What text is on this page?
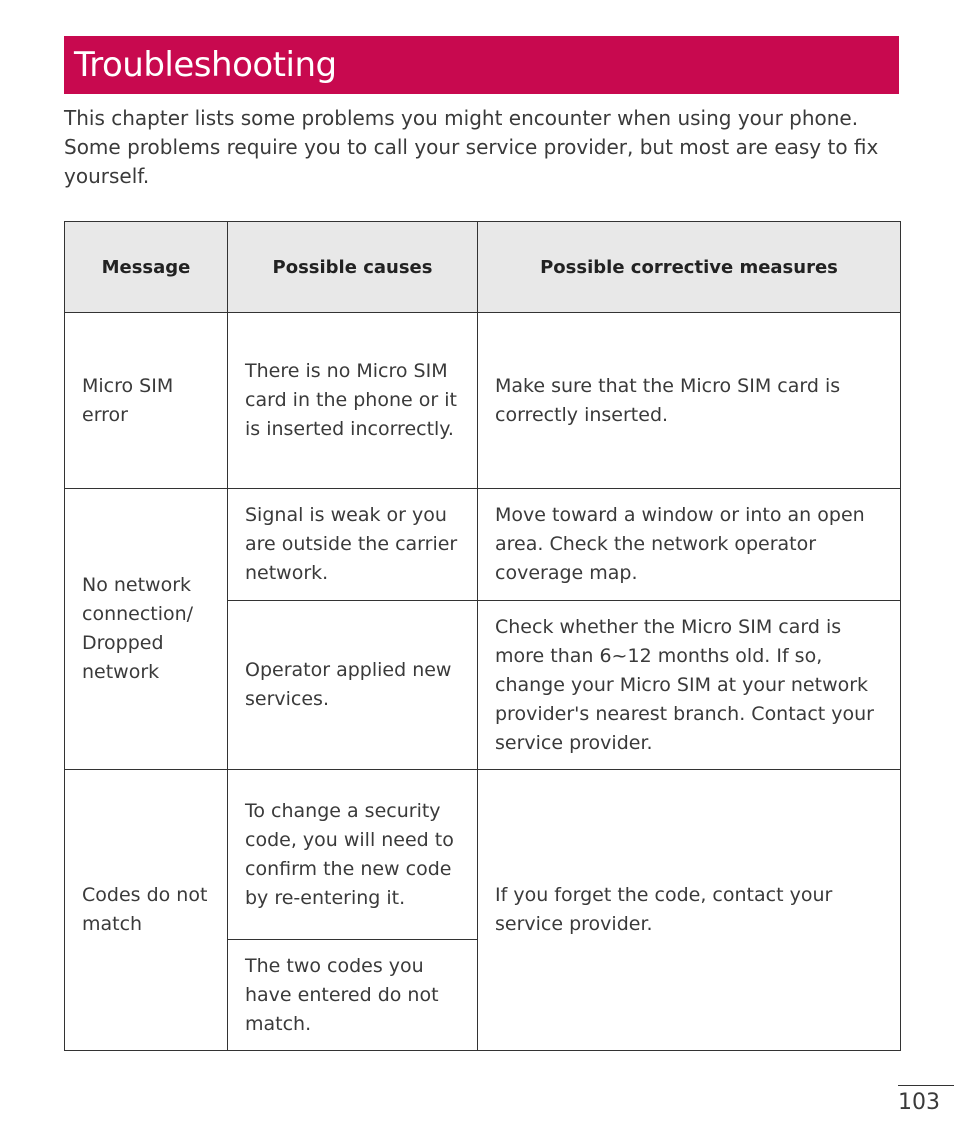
Troubleshooting

This chapter lists some problems you might encounter when using your phone. Some problems require you to call your service provider, but most are easy to fix yourself.

Message	Possible causes	Possible corrective measures
Micro SIM error	There is no Micro SIM card in the phone or it is inserted incorrectly.	Make sure that the Micro SIM card is correctly inserted.
No network connection/ Dropped network	Signal is weak or you are outside the carrier network.	Move toward a window or into an open area. Check the network operator coverage map.
	Operator applied new services.	Check whether the Micro SIM card is more than 6~12 months old. If so, change your Micro SIM at your network provider's nearest branch. Contact your service provider.
Codes do not match	To change a security code, you will need to confirm the new code by re-entering it.	If you forget the code, contact your service provider.
	The two codes you have entered do not match.	
103
